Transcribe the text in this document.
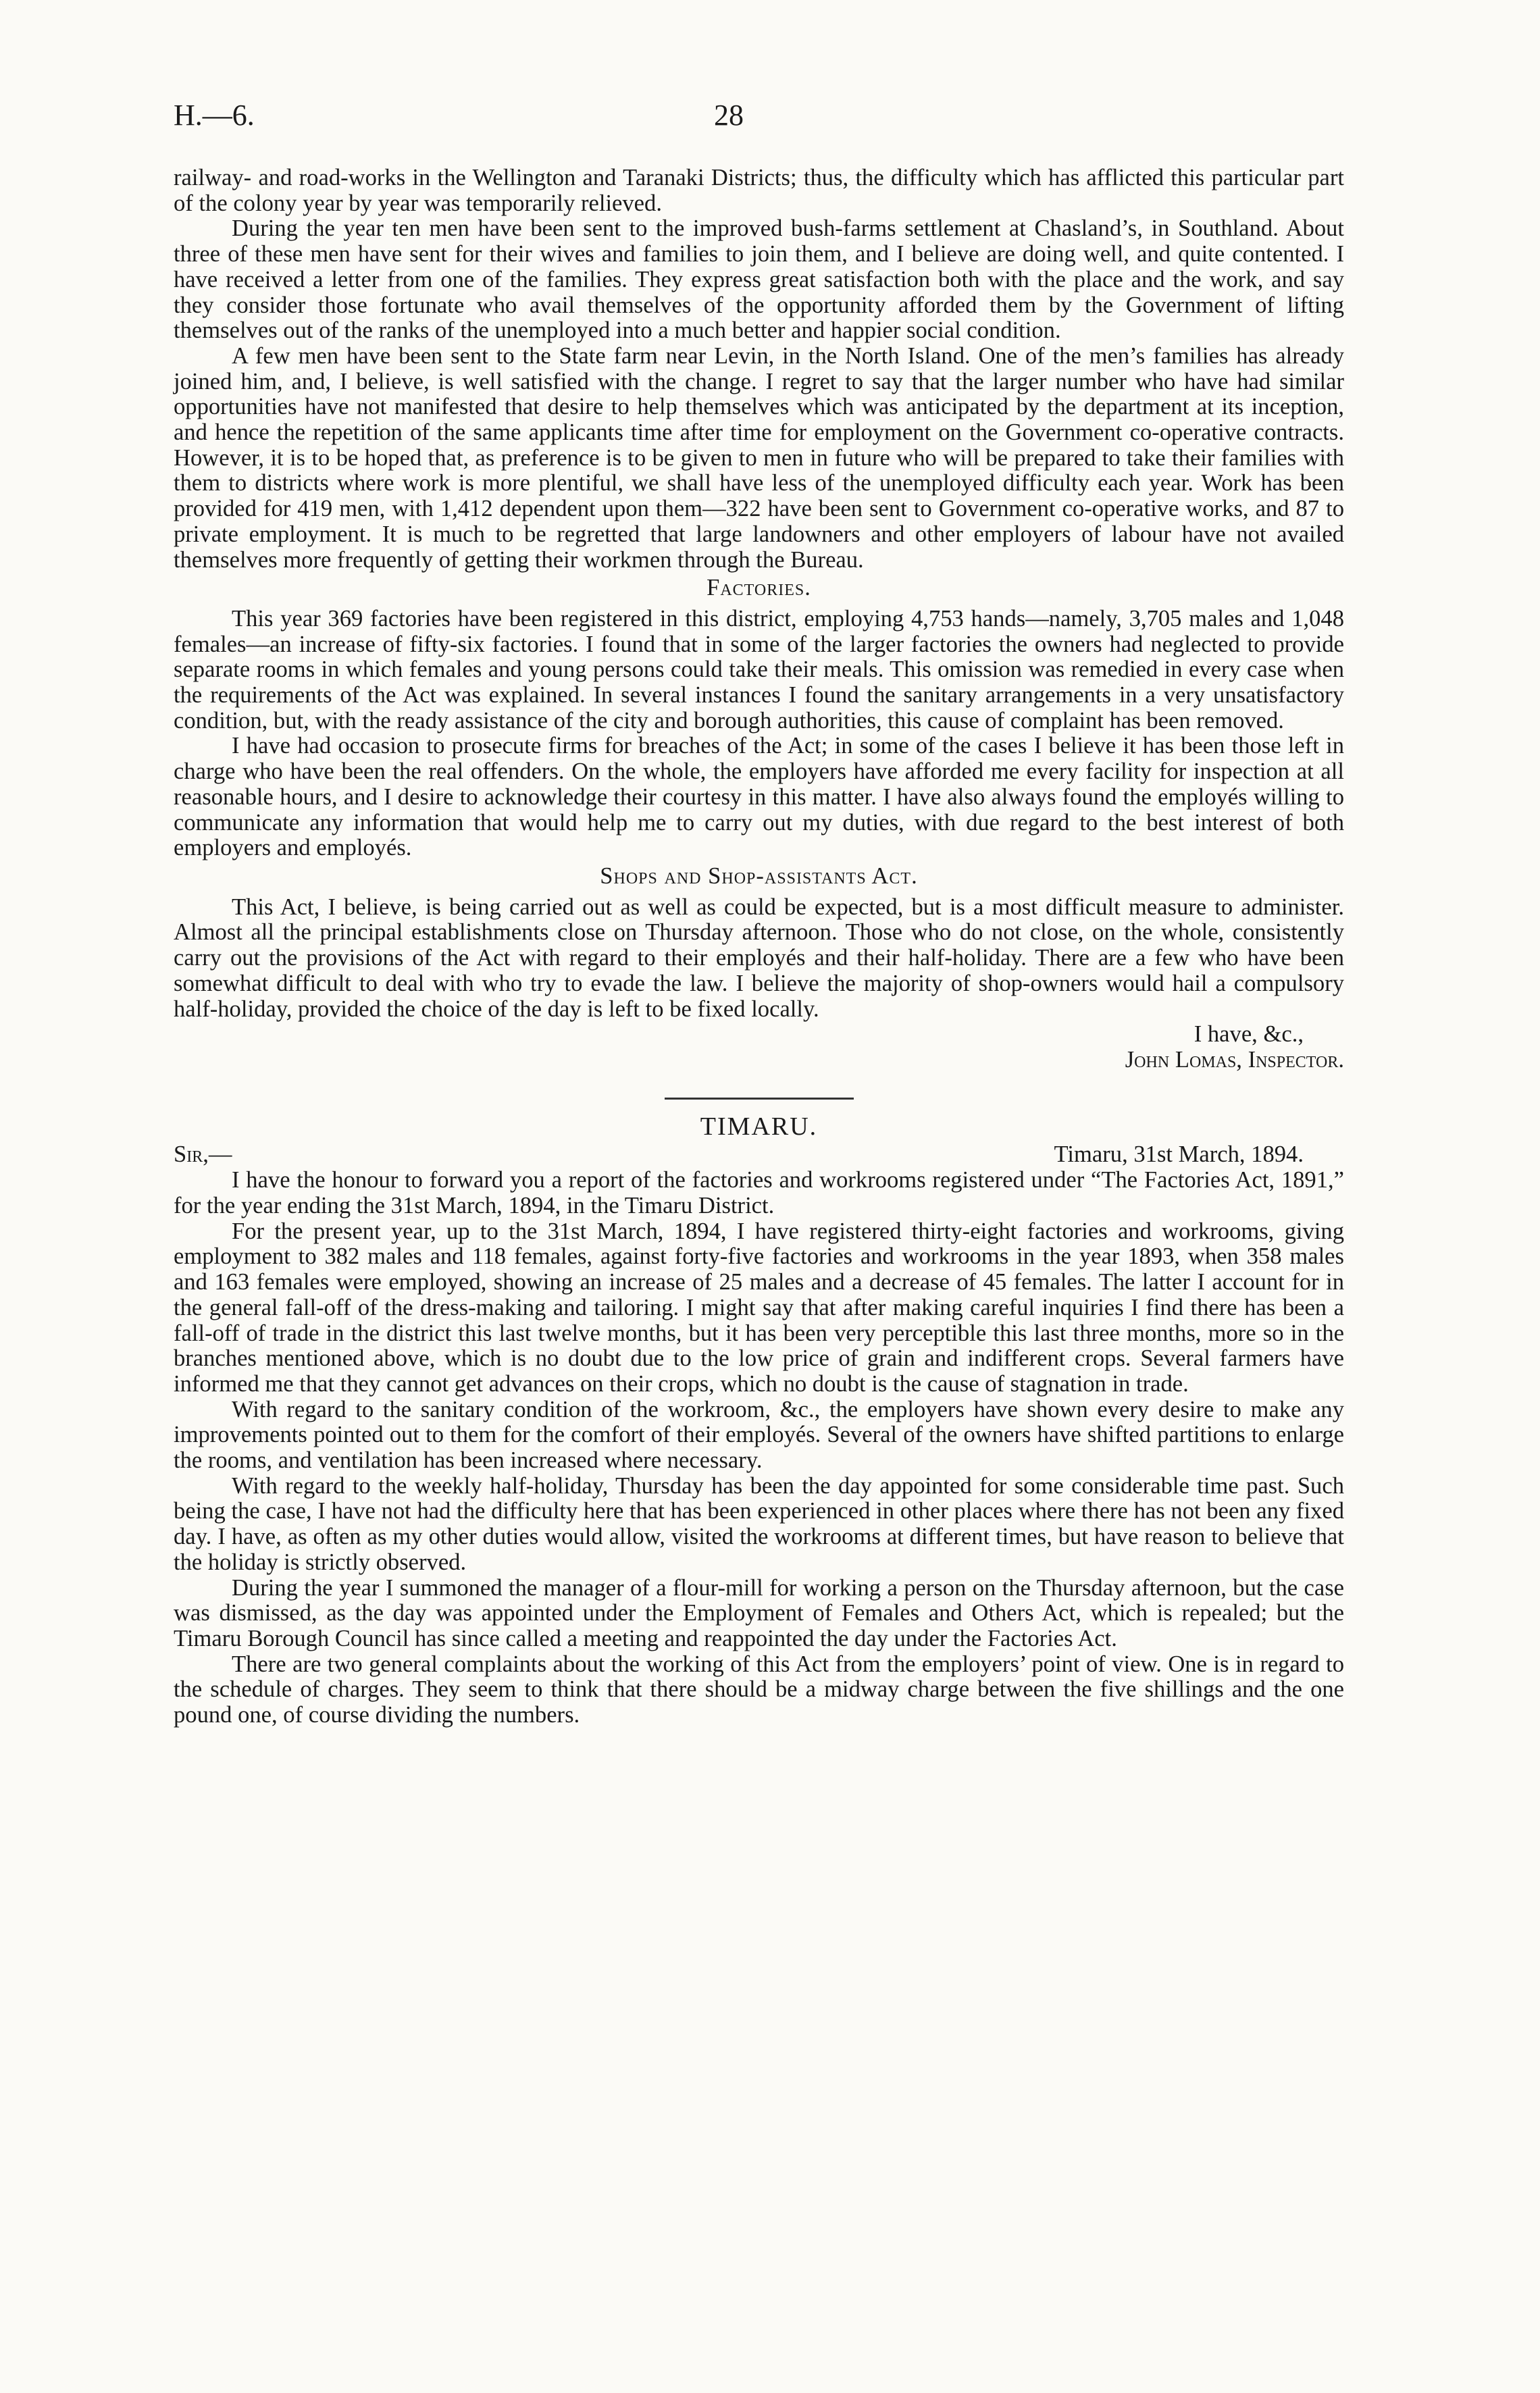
H.—6.	28

railway- and road-works in the Wellington and Taranaki Districts; thus, the difficulty which has afflicted this particular part of the colony year by year was temporarily relieved.

During the year ten men have been sent to the improved bush-farms settlement at Chasland’s, in Southland. About three of these men have sent for their wives and families to join them, and I believe are doing well, and quite contented. I have received a letter from one of the families. They express great satisfaction both with the place and the work, and say they consider those fortunate who avail themselves of the opportunity afforded them by the Government of lifting themselves out of the ranks of the unemployed into a much better and happier social condition.

A few men have been sent to the State farm near Levin, in the North Island. One of the men’s families has already joined him, and, I believe, is well satisfied with the change. I regret to say that the larger number who have had similar opportunities have not manifested that desire to help themselves which was anticipated by the department at its inception, and hence the repetition of the same applicants time after time for employment on the Government co-operative contracts. However, it is to be hoped that, as preference is to be given to men in future who will be prepared to take their families with them to districts where work is more plentiful, we shall have less of the unemployed difficulty each year. Work has been provided for 419 men, with 1,412 dependent upon them—322 have been sent to Government co-operative works, and 87 to private employment. It is much to be regretted that large landowners and other employers of labour have not availed themselves more frequently of getting their workmen through the Bureau.

Factories.

This year 369 factories have been registered in this district, employing 4,753 hands—namely, 3,705 males and 1,048 females—an increase of fifty-six factories. I found that in some of the larger factories the owners had neglected to provide separate rooms in which females and young persons could take their meals. This omission was remedied in every case when the requirements of the Act was explained. In several instances I found the sanitary arrangements in a very unsatisfactory condition, but, with the ready assistance of the city and borough authorities, this cause of complaint has been removed.

I have had occasion to prosecute firms for breaches of the Act; in some of the cases I believe it has been those left in charge who have been the real offenders. On the whole, the employers have afforded me every facility for inspection at all reasonable hours, and I desire to acknowledge their courtesy in this matter. I have also always found the employés willing to communicate any information that would help me to carry out my duties, with due regard to the best interest of both employers and employés.

Shops and Shop-assistants Act.

This Act, I believe, is being carried out as well as could be expected, but is a most difficult measure to administer. Almost all the principal establishments close on Thursday afternoon. Those who do not close, on the whole, consistently carry out the provisions of the Act with regard to their employés and their half-holiday. There are a few who have been somewhat difficult to deal with who try to evade the law. I believe the majority of shop-owners would hail a compulsory half-holiday, provided the choice of the day is left to be fixed locally.

I have, &c.,
John Lomas, Inspector.
TIMARU.
Sir,—	Timaru, 31st March, 1894.

I have the honour to forward you a report of the factories and workrooms registered under “The Factories Act, 1891,” for the year ending the 31st March, 1894, in the Timaru District.

For the present year, up to the 31st March, 1894, I have registered thirty-eight factories and workrooms, giving employment to 382 males and 118 females, against forty-five factories and workrooms in the year 1893, when 358 males and 163 females were employed, showing an increase of 25 males and a decrease of 45 females. The latter I account for in the general fall-off of the dress-making and tailoring. I might say that after making careful inquiries I find there has been a fall-off of trade in the district this last twelve months, but it has been very perceptible this last three months, more so in the branches mentioned above, which is no doubt due to the low price of grain and indifferent crops. Several farmers have informed me that they cannot get advances on their crops, which no doubt is the cause of stagnation in trade.

With regard to the sanitary condition of the workroom, &c., the employers have shown every desire to make any improvements pointed out to them for the comfort of their employés. Several of the owners have shifted partitions to enlarge the rooms, and ventilation has been increased where necessary.

With regard to the weekly half-holiday, Thursday has been the day appointed for some considerable time past. Such being the case, I have not had the difficulty here that has been experienced in other places where there has not been any fixed day. I have, as often as my other duties would allow, visited the workrooms at different times, but have reason to believe that the holiday is strictly observed.

During the year I summoned the manager of a flour-mill for working a person on the Thursday afternoon, but the case was dismissed, as the day was appointed under the Employment of Females and Others Act, which is repealed; but the Timaru Borough Council has since called a meeting and reappointed the day under the Factories Act.

There are two general complaints about the working of this Act from the employers’ point of view. One is in regard to the schedule of charges. They seem to think that there should be a midway charge between the five shillings and the one pound one, of course dividing the numbers.
